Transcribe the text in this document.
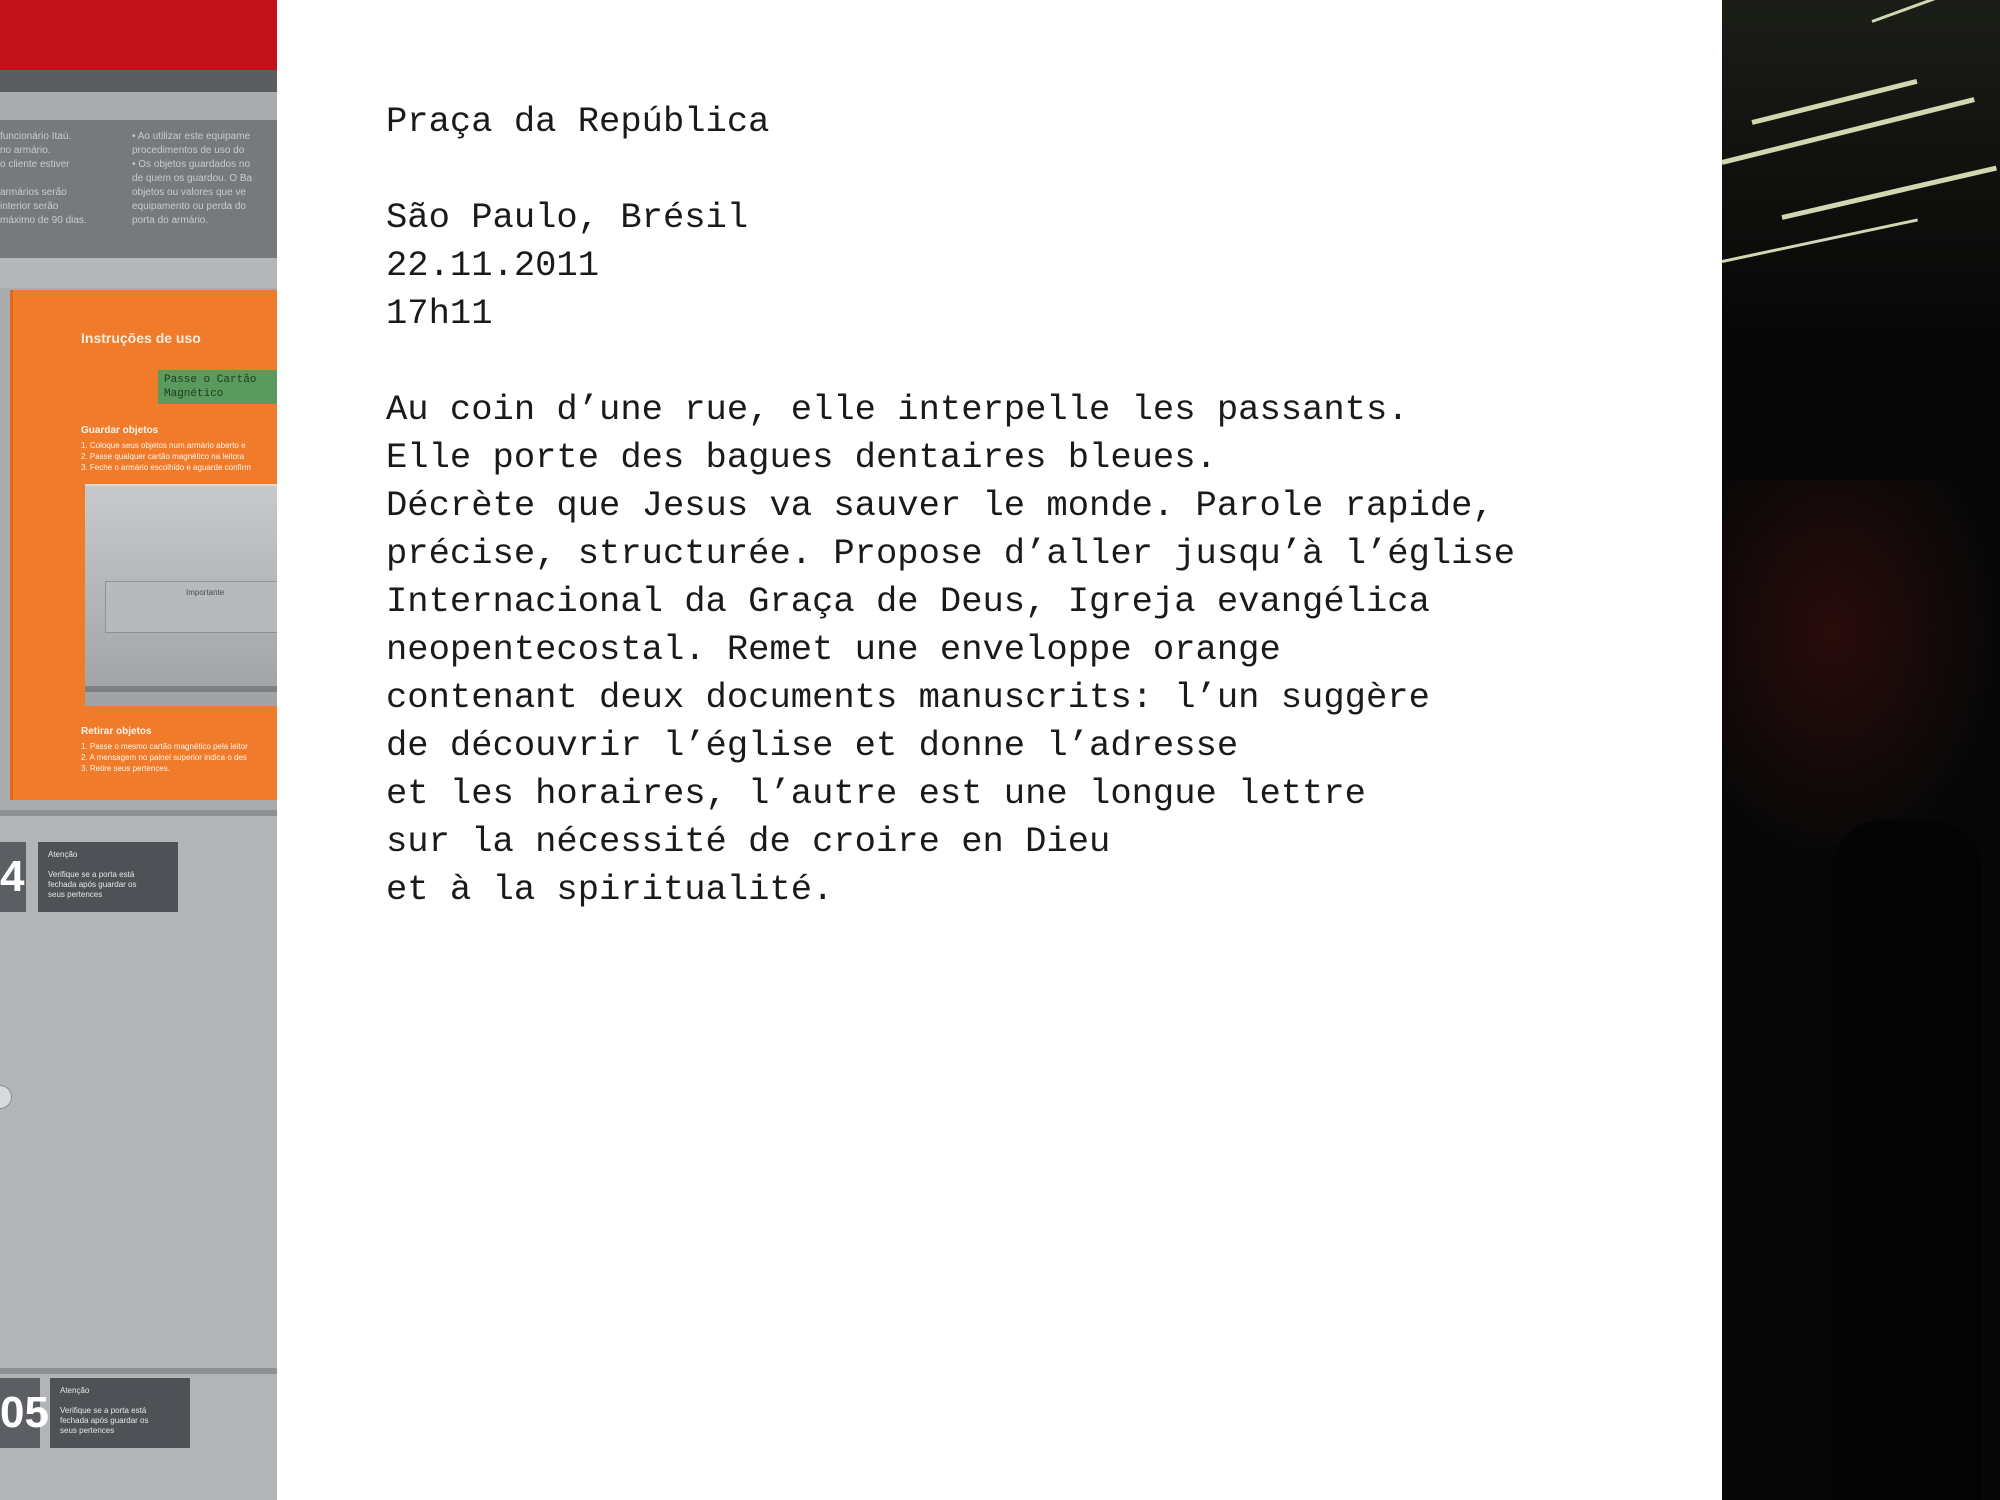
funcionário Itaú.
no armário.
o cliente estiver

armários serão
interior serão
máximo de 90 dias.
• Ao utilizar este equipame
procedimentos de uso do
• Os objetos guardados no
de quem os guardou. O Ba
objetos ou valores que ve
equipamento ou perda do
porta do armário.
Instruções de uso
Passe o Cartão
Magnético
Guardar objetos
1. Coloque seus objetos num armário aberto e
2. Passe qualquer cartão magnético na leitora
3. Feche o armário escolhido e aguarde confirm
Importante
Retirar objetos
1. Passe o mesmo cartão magnético pela leitor
2. A mensagem no painel superior indica o des
3. Retire seus pertences.
4	Atenção

Verifique se a porta está
fechada após guardar os
seus pertences
05	Atenção

Verifique se a porta está
fechada após guardar os
seus pertences
Praça da República
São Paulo, Brésil
22.11.2011
17h11
Au coin d’une rue, elle interpelle les passants.
Elle porte des bagues dentaires bleues.
Décrète que Jesus va sauver le monde. Parole rapide,
précise, structurée. Propose d’aller jusqu’à l’église
Internacional da Graça de Deus, Igreja evangélica
neopentecostal. Remet une enveloppe orange
contenant deux documents manuscrits: l’un suggère
de découvrir l’église et donne l’adresse
et les horaires, l’autre est une longue lettre
sur la nécessité de croire en Dieu
et à la spiritualité.
